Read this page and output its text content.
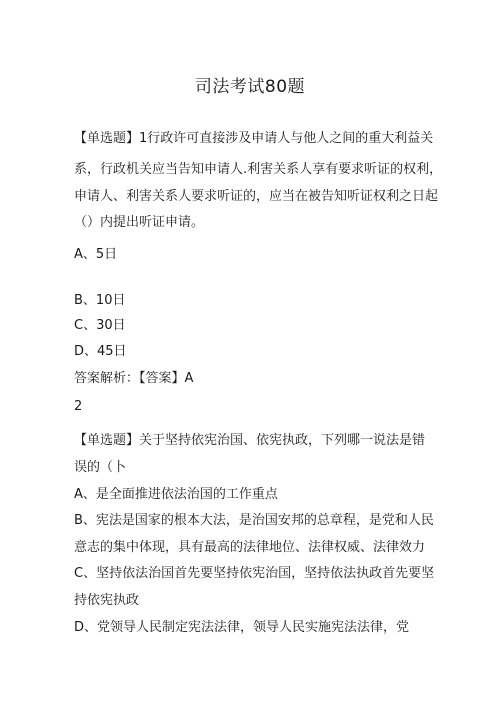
司法考试80题
【单选题】1行政许可直接涉及申请人与他人之间的重大利益关
系，行政机关应当告知申请人.利害关系人享有要求听证的权利，
申请人、利害关系人要求听证的，应当在被告知听证权利之日起
（）内提出听证申请。
A、5日
B、10日
C、30日
D、45日
答案解析：【答案】A
2
【单选题】关于坚持依宪治国、依宪执政，下列哪一说法是错
误的（卜
A、是全面推进依法治国的工作重点
B、宪法是国家的根本大法，是治国安邦的总章程，是党和人民
意志的集中体现，具有最高的法律地位、法律权威、法律效力
C、坚持依法治国首先要坚持依宪治国，坚持依法执政首先要坚
持依宪执政
D、党领导人民制定宪法法律，领导人民实施宪法法律，党
